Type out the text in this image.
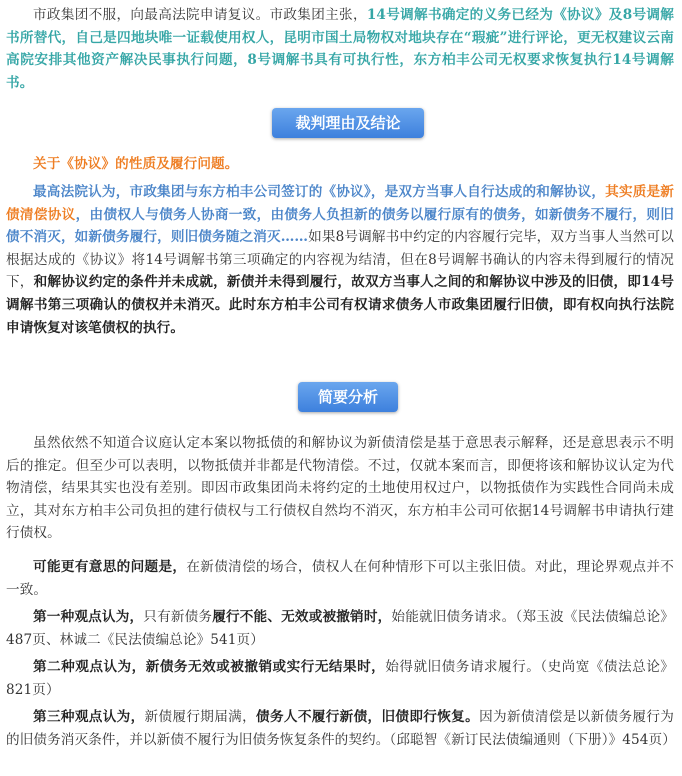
市政集团不服，向最高法院申请复议。市政集团主张，14号调解书确定的义务已经为《协议》及8号调解书所替代，自己是四地块唯一证载使用权人，昆明市国土局物权对地块存在“瑕疵”进行评论，更无权建议云南高院安排其他资产解决民事执行问题，8号调解书具有可执行性，东方柏丰公司无权要求恢复执行14号调解书。

裁判理由及结论

关于《协议》的性质及履行问题。

最高法院认为，市政集团与东方柏丰公司签订的《协议》，是双方当事人自行达成的和解协议，其实质是新债清偿协议，由债权人与债务人协商一致，由债务人负担新的债务以履行原有的债务，如新债务不履行，则旧债不消灭，如新债务履行，则旧债务随之消灭……如果8号调解书中约定的内容履行完毕，双方当事人当然可以根据达成的《协议》将14号调解书第三项确定的内容视为结清，但在8号调解书确认的内容未得到履行的情况下，和解协议约定的条件并未成就，新债并未得到履行，故双方当事人之间的和解协议中涉及的旧债，即14号调解书第三项确认的债权并未消灭。此时东方柏丰公司有权请求债务人市政集团履行旧债，即有权向执行法院申请恢复对该笔债权的执行。

简要分析

虽然依然不知道合议庭认定本案以物抵债的和解协议为新债清偿是基于意思表示解释，还是意思表示不明后的推定。但至少可以表明，以物抵债并非都是代物清偿。不过，仅就本案而言，即便将该和解协议认定为代物清偿，结果其实也没有差别。即因市政集团尚未将约定的土地使用权过户，以物抵债作为实践性合同尚未成立，其对东方柏丰公司负担的建行债权与工行债权自然均不消灭，东方柏丰公司可依据14号调解书申请执行建行债权。

可能更有意思的问题是，在新债清偿的场合，债权人在何种情形下可以主张旧债。对此，理论界观点并不一致。

第一种观点认为，只有新债务履行不能、无效或被撤销时，始能就旧债务请求。（郑玉波《民法债编总论》487页、林诚二《民法债编总论》541页）

第二种观点认为，新债务无效或被撤销或实行无结果时，始得就旧债务请求履行。（史尚宽《债法总论》821页）

第三种观点认为，新债履行期届满，债务人不履行新债，旧债即行恢复。因为新债清偿是以新债务履行为的旧债务消灭条件，并以新债不履行为旧债务恢复条件的契约。（邱聪智《新订民法债编通则（下册）》454页）
